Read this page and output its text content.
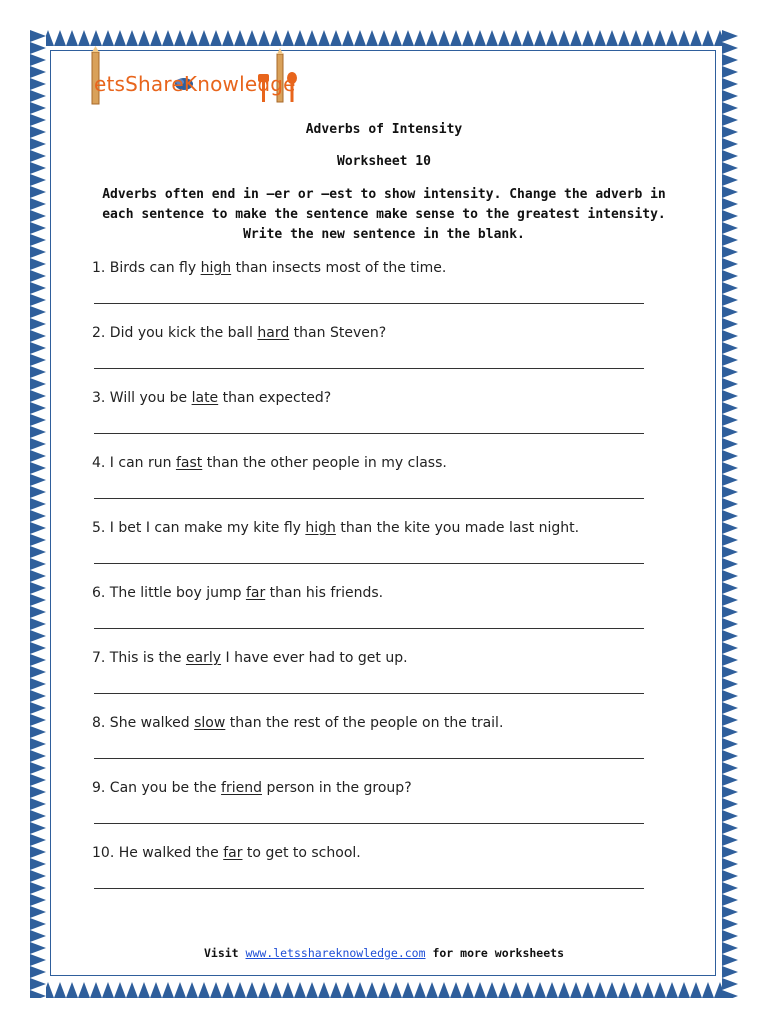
etsShareKnowledge
Adverbs of Intensity
Worksheet 10
Adverbs often end in –er or –est to show intensity. Change the adverb in
each sentence to make the sentence make sense to the greatest intensity.
Write the new sentence in the blank.
1. Birds can fly high than insects most of the time.
2. Did you kick the ball hard than Steven?
3. Will you be late than expected?
4. I can run fast than the other people in my class.
5. I bet I can make my kite fly high than the kite you made last night.
6. The little boy jump far than his friends.
7. This is the early I have ever had to get up.
8. She walked slow than the rest of the people on the trail.
9. Can you be the friend person in the group?
10. He walked the far to get to school.
Visit www.letsshareknowledge.com for more worksheets
